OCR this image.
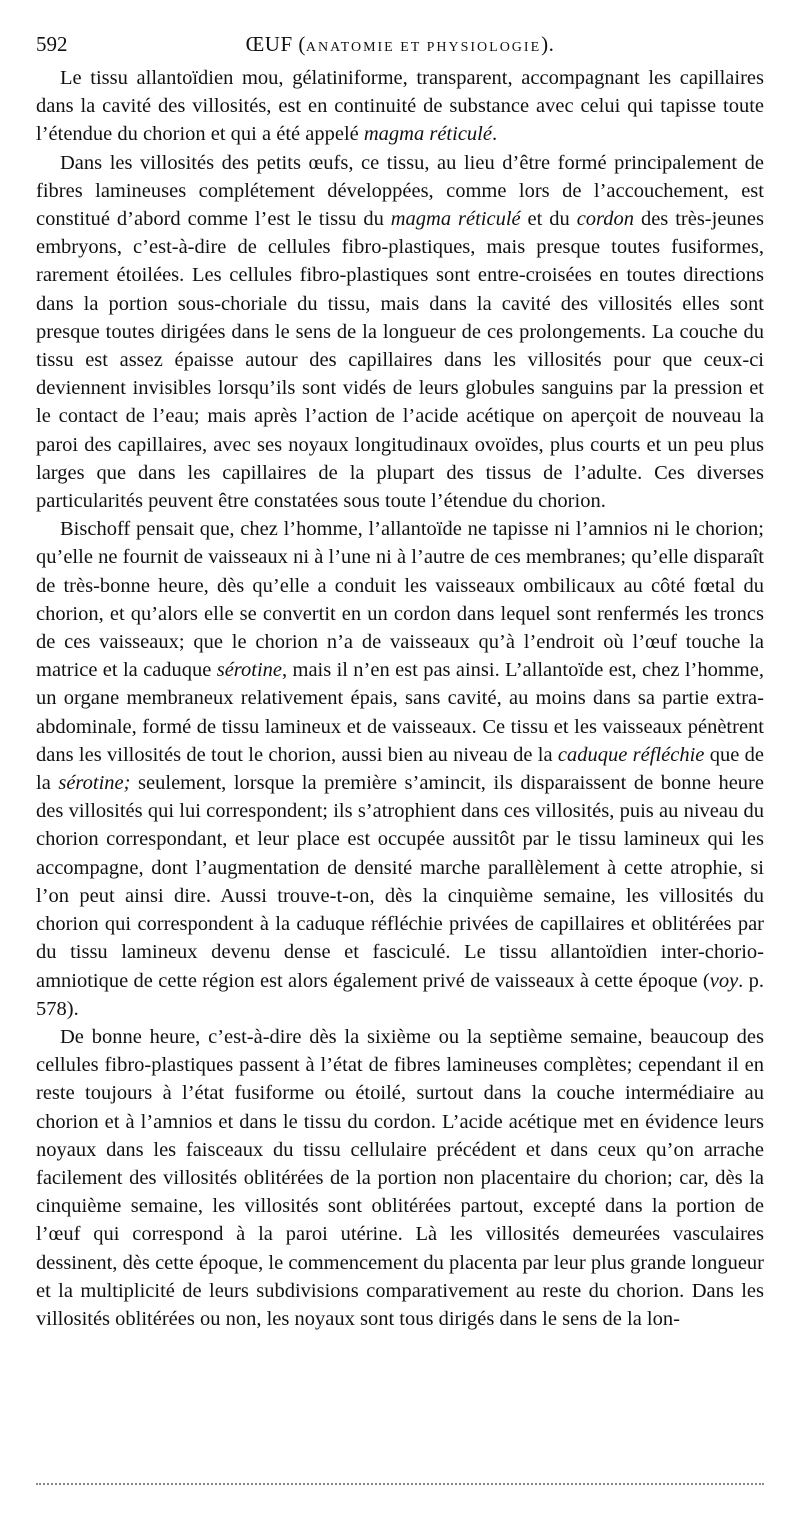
592	ŒUF (ANATOMIE ET PHYSIOLOGIE).

Le tissu allantoïdien mou, gélatiniforme, transparent, accompagnant les capillaires dans la cavité des villosités, est en continuité de substance avec celui qui tapisse toute l’étendue du chorion et qui a été appelé magma réticulé.

Dans les villosités des petits œufs, ce tissu, au lieu d’être formé principalement de fibres lamineuses complétement développées, comme lors de l’accouchement, est constitué d’abord comme l’est le tissu du magma réticulé et du cordon des très-jeunes embryons, c’est-à-dire de cellules fibro-plastiques, mais presque toutes fusiformes, rarement étoilées. Les cellules fibro-plastiques sont entre-croisées en toutes directions dans la portion sous-choriale du tissu, mais dans la cavité des villosités elles sont presque toutes dirigées dans le sens de la longueur de ces prolongements. La couche du tissu est assez épaisse autour des capillaires dans les villosités pour que ceux-ci deviennent invisibles lorsqu’ils sont vidés de leurs globules sanguins par la pression et le contact de l’eau; mais après l’action de l’acide acétique on aperçoit de nouveau la paroi des capillaires, avec ses noyaux longitudinaux ovoïdes, plus courts et un peu plus larges que dans les capillaires de la plupart des tissus de l’adulte. Ces diverses particularités peuvent être constatées sous toute l’étendue du chorion.

Bischoff pensait que, chez l’homme, l’allantoïde ne tapisse ni l’amnios ni le chorion; qu’elle ne fournit de vaisseaux ni à l’une ni à l’autre de ces membranes; qu’elle disparaît de très-bonne heure, dès qu’elle a conduit les vaisseaux ombilicaux au côté fœtal du chorion, et qu’alors elle se convertit en un cordon dans lequel sont renfermés les troncs de ces vaisseaux; que le chorion n’a de vaisseaux qu’à l’endroit où l’œuf touche la matrice et la caduque sérotine, mais il n’en est pas ainsi. L’allantoïde est, chez l’homme, un organe membraneux relativement épais, sans cavité, au moins dans sa partie extra-abdominale, formé de tissu lamineux et de vaisseaux. Ce tissu et les vaisseaux pénètrent dans les villosités de tout le chorion, aussi bien au niveau de la caduque réfléchie que de la sérotine; seulement, lorsque la première s’amincit, ils disparaissent de bonne heure des villosités qui lui correspondent; ils s’atrophient dans ces villosités, puis au niveau du chorion correspondant, et leur place est occupée aussitôt par le tissu lamineux qui les accompagne, dont l’augmentation de densité marche parallèlement à cette atrophie, si l’on peut ainsi dire. Aussi trouve-t-on, dès la cinquième semaine, les villosités du chorion qui correspondent à la caduque réfléchie privées de capillaires et oblitérées par du tissu lamineux devenu dense et fasciculé. Le tissu allantoïdien inter-chorio-amniotique de cette région est alors également privé de vaisseaux à cette époque (voy. p. 578).

De bonne heure, c’est-à-dire dès la sixième ou la septième semaine, beaucoup des cellules fibro-plastiques passent à l’état de fibres lamineuses complètes; cependant il en reste toujours à l’état fusiforme ou étoilé, surtout dans la couche intermédiaire au chorion et à l’amnios et dans le tissu du cordon. L’acide acétique met en évidence leurs noyaux dans les faisceaux du tissu cellulaire précédent et dans ceux qu’on arrache facilement des villosités oblitérées de la portion non placentaire du chorion; car, dès la cinquième semaine, les villosités sont oblitérées partout, excepté dans la portion de l’œuf qui correspond à la paroi utérine. Là les villosités demeurées vasculaires dessinent, dès cette époque, le commencement du placenta par leur plus grande longueur et la multiplicité de leurs subdivisions comparativement au reste du chorion. Dans les villosités oblitérées ou non, les noyaux sont tous dirigés dans le sens de la lon-
